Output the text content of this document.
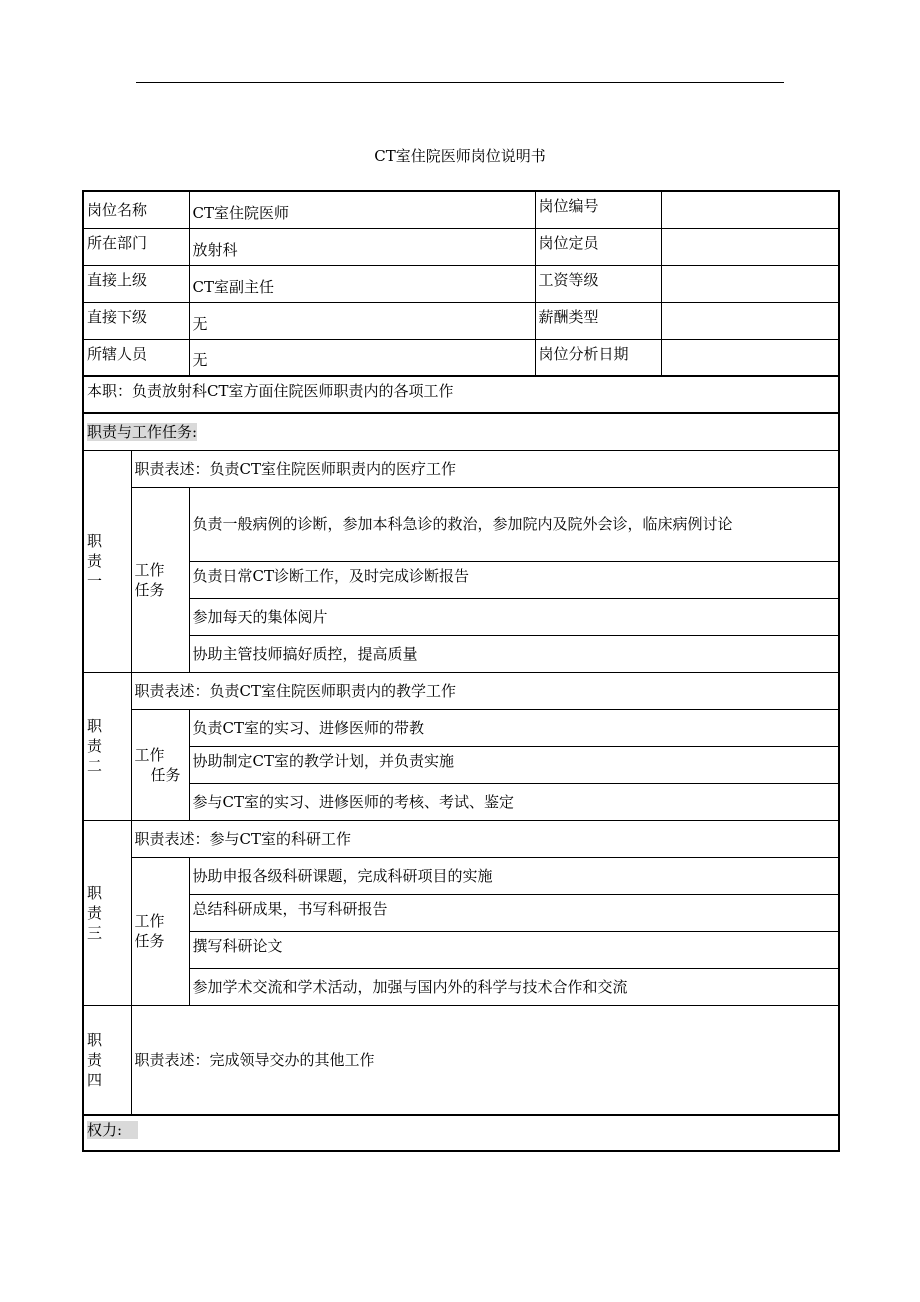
CT室住院医师岗位说明书
岗位名称		CT室住院医师	岗位编号	
所在部门		放射科	岗位定员	
直接上级		CT室副主任	工资等级	
直接下级		无	薪酬类型	
所辖人员		无	岗位分析日期	
本职：负责放射科CT室方面住院医师职责内的各项工作				
职责与工作任务:				
职
责
一	职责表述：负责CT室住院医师职责内的医疗工作			

	工作
任务	负责一般病例的诊断，参加本科急诊的救治，参加院内及院外会诊，临床病例讨论		
		负责日常CT诊断工作，及时完成诊断报告		
		参加每天的集体阅片		
		协助主管技师搞好质控，提高质量		
职
责
二	职责表述：负责CT室住院医师职责内的教学工作			

	工作
任务	负责CT室的实习、进修医师的带教		
		协助制定CT室的教学计划，并负责实施		
		参与CT室的实习、进修医师的考核、考试、鉴定		
职
责
三	职责表述：参与CT室的科研工作			

	工作
任务	协助申报各级科研课题，完成科研项目的实施		
		总结科研成果，书写科研报告		
		撰写科研论文		
		参加学术交流和学术活动，加强与国内外的科学与技术合作和交流		
职
责
四	职责表述：完成领导交办的其他工作			
权力:				
